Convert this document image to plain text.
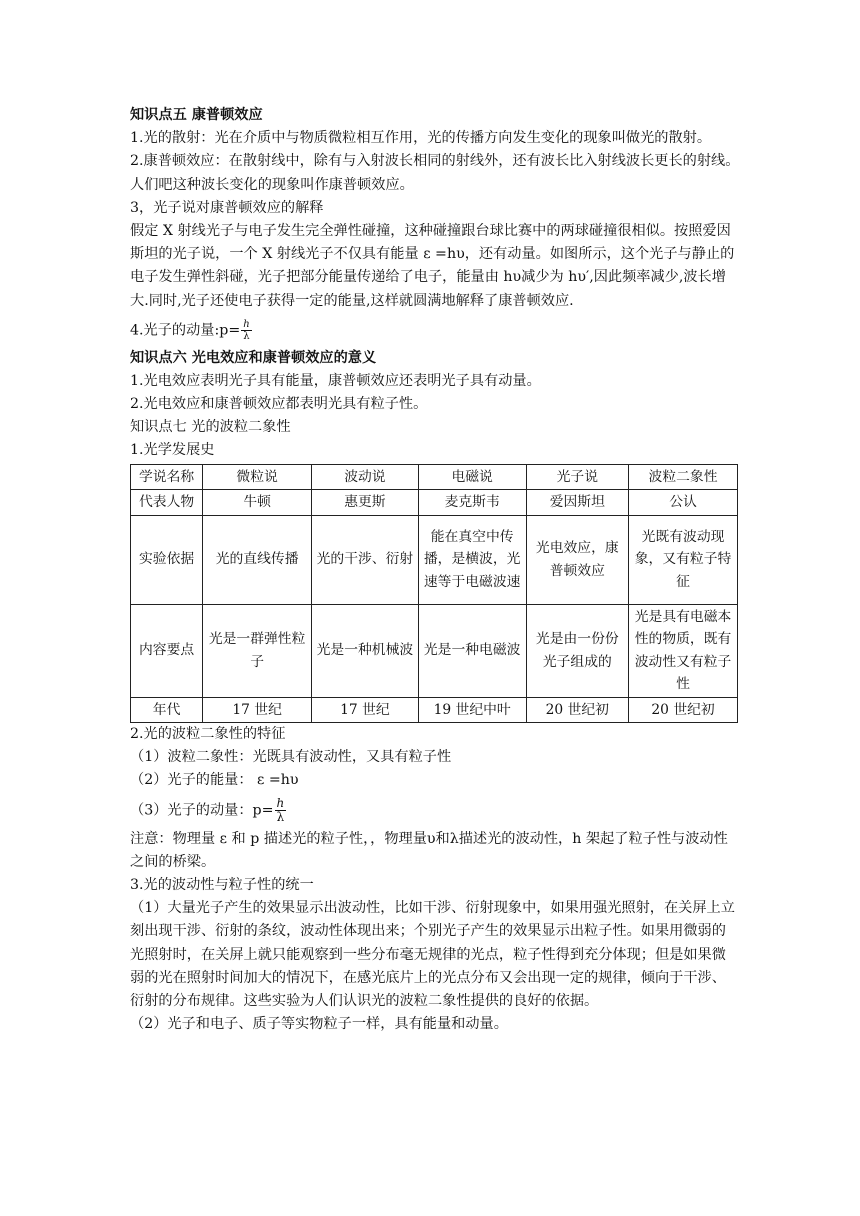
知识点五 康普顿效应

1.光的散射：光在介质中与物质微粒相互作用，光的传播方向发生变化的现象叫做光的散射。

2.康普顿效应：在散射线中，除有与入射波长相同的射线外，还有波长比入射线波长更长的射线。人们吧这种波长变化的现象叫作康普顿效应。

3，光子说对康普顿效应的解释

假定 X 射线光子与电子发生完全弹性碰撞，这种碰撞跟台球比赛中的两球碰撞很相似。按照爱因斯坦的光子说，一个 X 射线光子不仅具有能量 ε =hυ，还有动量。如图所示，这个光子与静止的电子发生弹性斜碰，光子把部分能量传递给了电子，能量由 hυ减少为 hυ′,因此频率减少,波长增大.同时,光子还使电子获得一定的能量,这样就圆满地解释了康普顿效应.

4.光子的动量:p= $\frac{h}{\lambda}$

知识点六 光电效应和康普顿效应的意义

1.光电效应表明光子具有能量，康普顿效应还表明光子具有动量。

2.光电效应和康普顿效应都表明光具有粒子性。

知识点七 光的波粒二象性

1.光学发展史

学说名称	微粒说	波动说	电磁说	光子说	波粒二象性
代表人物	牛顿	惠更斯	麦克斯韦	爱因斯坦	公认
实验依据	光的直线传播	光的干涉、衍射	能在真空中传播，是横波，光速等于电磁波速	光电效应，康普顿效应	光既有波动现象，又有粒子特征
内容要点	光是一群弹性粒子	光是一种机械波	光是一种电磁波	光是由一份份光子组成的	光是具有电磁本性的物质，既有波动性又有粒子性
年代	17 世纪	17 世纪	19 世纪中叶	20 世纪初	20 世纪初

2.光的波粒二象性的特征

（1）波粒二象性：光既具有波动性，又具有粒子性

（2）光子的能量： ε =hυ

（3）光子的动量：$p= \frac{h}{\lambda}$

注意：物理量 ε 和 p 描述光的粒子性，，物理量υ和λ描述光的波动性，h 架起了粒子性与波动性之间的桥梁。

3.光的波动性与粒子性的统一

（1）大量光子产生的效果显示出波动性，比如干涉、衍射现象中，如果用强光照射，在关屏上立刻出现干涉、衍射的条纹，波动性体现出来；个别光子产生的效果显示出粒子性。如果用微弱的光照射时，在关屏上就只能观察到一些分布毫无规律的光点，粒子性得到充分体现；但是如果微弱的光在照射时间加大的情况下，在感光底片上的光点分布又会出现一定的规律，倾向于干涉、衍射的分布规律。这些实验为人们认识光的波粒二象性提供的良好的依据。

（2）光子和电子、质子等实物粒子一样，具有能量和动量。
